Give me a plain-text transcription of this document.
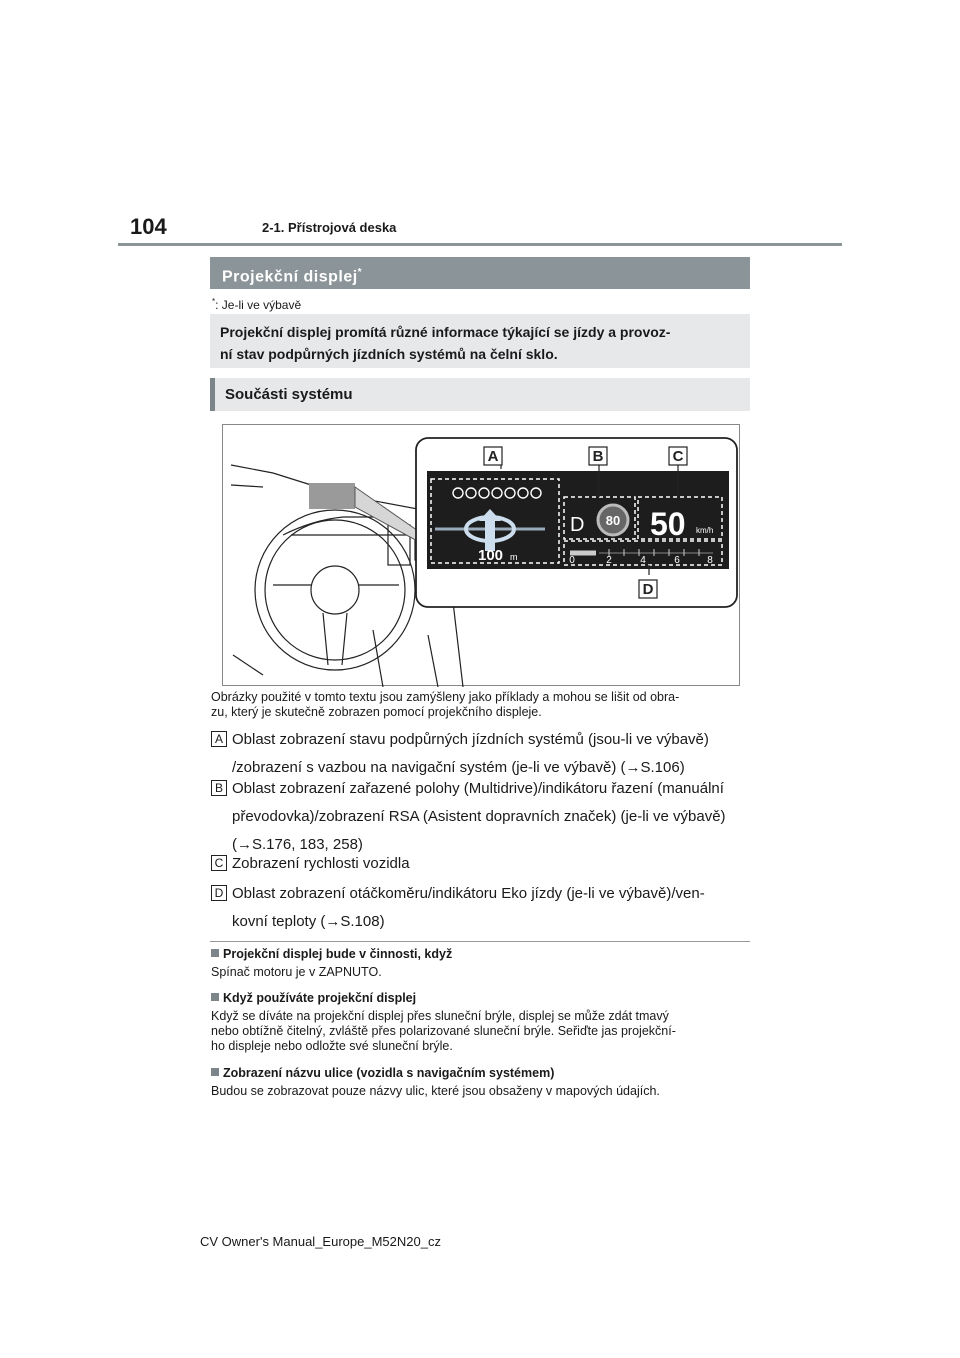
104	2-1. Přístrojová deska
Projekční displej*
*: Je-li ve výbavě
Projekční displej promítá různé informace týkající se jízdy a provoz-
ní stav podpůrných jízdních systémů na čelní sklo.
Součásti systému
A	B	C
D
D 80 50 km/h
100 m	0	2	4	6	8
Obrázky použité v tomto textu jsou zamýšleny jako příklady a mohou se lišit od obra-
zu, který je skutečně zobrazen pomocí projekčního displeje.
A Oblast zobrazení stavu podpůrných jízdních systémů (jsou-li ve výbavě)
/zobrazení s vazbou na navigační systém (je-li ve výbavě) (→S.106)
B Oblast zobrazení zařazené polohy (Multidrive)/indikátoru řazení (manuální
převodovka)/zobrazení RSA (Asistent dopravních značek) (je-li ve výbavě)
(→S.176, 183, 258)
C Zobrazení rychlosti vozidla
D Oblast zobrazení otáčkoměru/indikátoru Eko jízdy (je-li ve výbavě)/ven-
kovní teploty (→S.108)
Projekční displej bude v činnosti, když
Spínač motoru je v ZAPNUTO.
Když používáte projekční displej
Když se díváte na projekční displej přes sluneční brýle, displej se může zdát tmavý
nebo obtížně čitelný, zvláště přes polarizované sluneční brýle. Seřiďte jas projekční-
ho displeje nebo odložte své sluneční brýle.
Zobrazení názvu ulice (vozidla s navigačním systémem)
Budou se zobrazovat pouze názvy ulic, které jsou obsaženy v mapových údajích.
CV Owner's Manual_Europe_M52N20_cz
